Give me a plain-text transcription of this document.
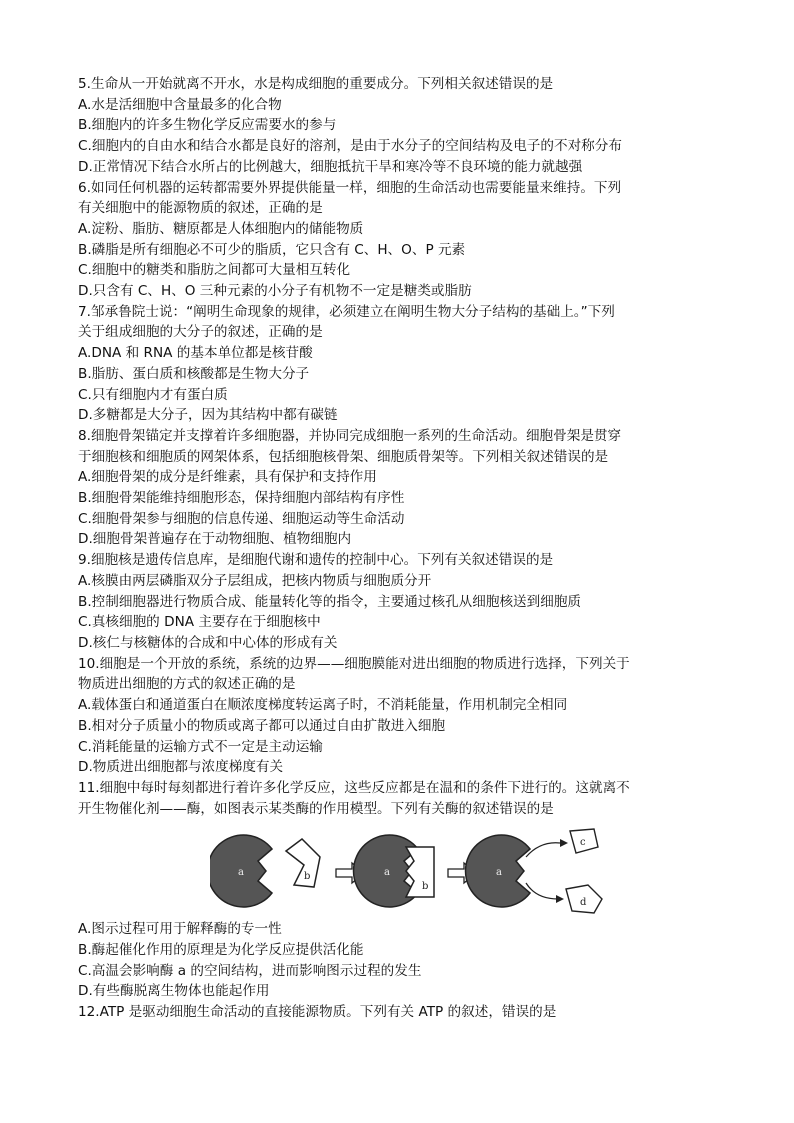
5.生命从一开始就离不开水，水是构成细胞的重要成分。下列相关叙述错误的是
A.水是活细胞中含量最多的化合物
B.细胞内的许多生物化学反应需要水的参与
C.细胞内的自由水和结合水都是良好的溶剂，是由于水分子的空间结构及电子的不对称分布
D.正常情况下结合水所占的比例越大，细胞抵抗干旱和寒冷等不良环境的能力就越强
6.如同任何机器的运转都需要外界提供能量一样，细胞的生命活动也需要能量来维持。下列
有关细胞中的能源物质的叙述，正确的是
A.淀粉、脂肪、糖原都是人体细胞内的储能物质
B.磷脂是所有细胞必不可少的脂质，它只含有 C、H、O、P 元素
C.细胞中的糖类和脂肪之间都可大量相互转化
D.只含有 C、H、O 三种元素的小分子有机物不一定是糖类或脂肪
7.邹承鲁院士说：“阐明生命现象的规律，必须建立在阐明生物大分子结构的基础上。”下列
关于组成细胞的大分子的叙述，正确的是
A.DNA 和 RNA 的基本单位都是核苷酸
B.脂肪、蛋白质和核酸都是生物大分子
C.只有细胞内才有蛋白质
D.多糖都是大分子，因为其结构中都有碳链
8.细胞骨架锚定并支撑着许多细胞器，并协同完成细胞一系列的生命活动。细胞骨架是贯穿
于细胞核和细胞质的网架体系，包括细胞核骨架、细胞质骨架等。下列相关叙述错误的是
A.细胞骨架的成分是纤维素，具有保护和支持作用
B.细胞骨架能维持细胞形态，保持细胞内部结构有序性
C.细胞骨架参与细胞的信息传递、细胞运动等生命活动
D.细胞骨架普遍存在于动物细胞、植物细胞内
9.细胞核是遗传信息库，是细胞代谢和遗传的控制中心。下列有关叙述错误的是
A.核膜由两层磷脂双分子层组成，把核内物质与细胞质分开
B.控制细胞器进行物质合成、能量转化等的指令，主要通过核孔从细胞核送到细胞质
C.真核细胞的 DNA 主要存在于细胞核中
D.核仁与核糖体的合成和中心体的形成有关
10.细胞是一个开放的系统，系统的边界——细胞膜能对进出细胞的物质进行选择，下列关于
物质进出细胞的方式的叙述正确的是
A.载体蛋白和通道蛋白在顺浓度梯度转运离子时，不消耗能量，作用机制完全相同
B.相对分子质量小的物质或离子都可以通过自由扩散进入细胞
C.消耗能量的运输方式不一定是主动运输
D.物质进出细胞都与浓度梯度有关
11.细胞中每时每刻都进行着许多化学反应，这些反应都是在温和的条件下进行的。这就离不
开生物催化剂——酶，如图表示某类酶的作用模型。下列有关酶的叙述错误的是
a	b	a
b
a
c
d
A.图示过程可用于解释酶的专一性
B.酶起催化作用的原理是为化学反应提供活化能
C.高温会影响酶 a 的空间结构，进而影响图示过程的发生
D.有些酶脱离生物体也能起作用
12.ATP 是驱动细胞生命活动的直接能源物质。下列有关 ATP 的叙述，错误的是
